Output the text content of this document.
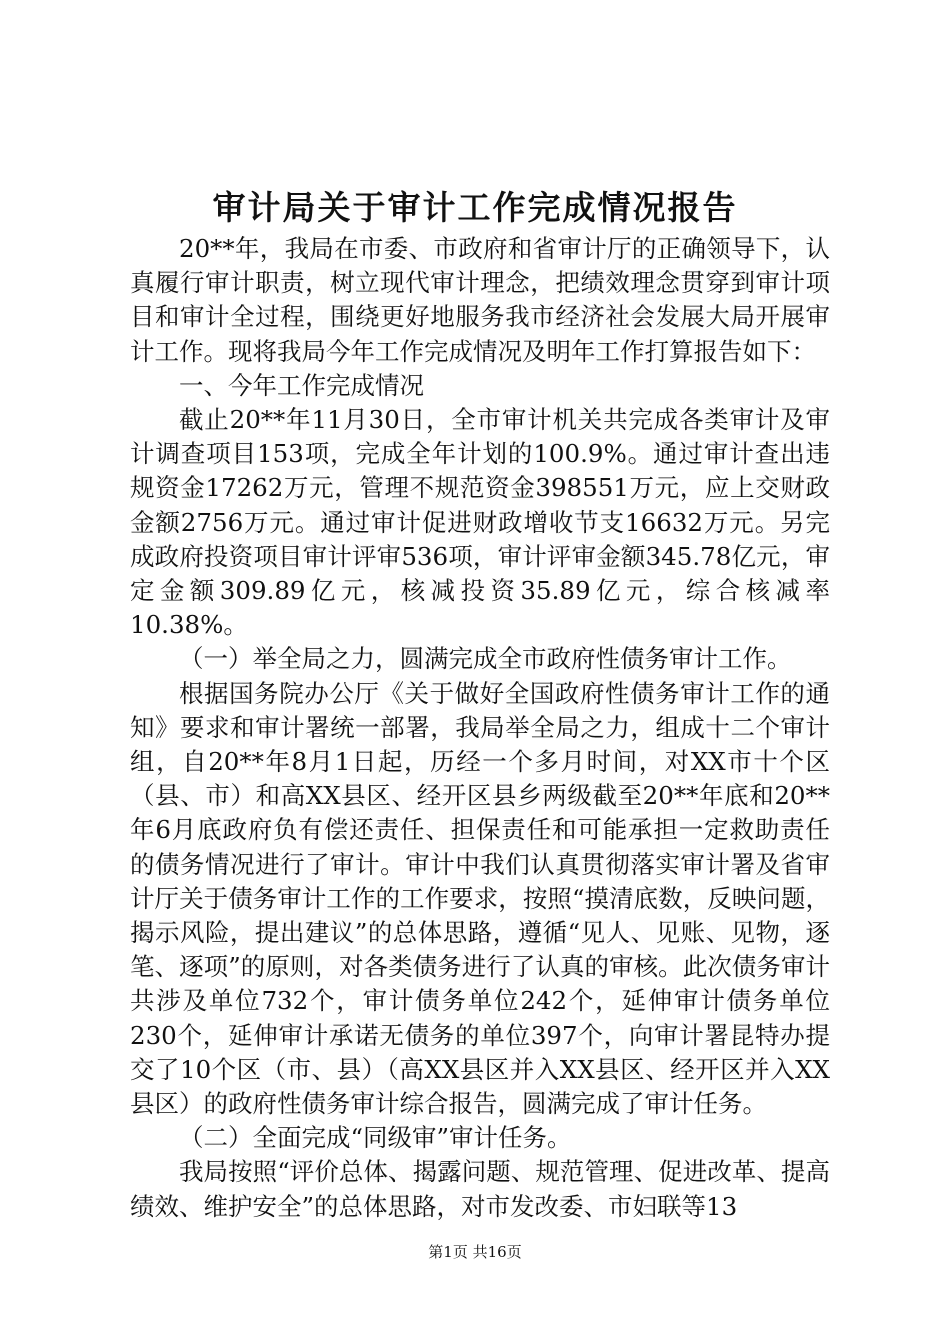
审计局关于审计工作完成情况报告

20**年，我局在市委、市政府和省审计厅的正确领导下，认真履行审计职责，树立现代审计理念，把绩效理念贯穿到审计项目和审计全过程，围绕更好地服务我市经济社会发展大局开展审计工作。现将我局今年工作完成情况及明年工作打算报告如下：

一、今年工作完成情况

截止20**年11月30日，全市审计机关共完成各类审计及审计调查项目153项，完成全年计划的100.9%。通过审计查出违规资金17262万元，管理不规范资金398551万元，应上交财政金额2756万元。通过审计促进财政增收节支16632万元。另完成政府投资项目审计评审536项，审计评审金额345.78亿元，审定金额309.89亿元，核减投资35.89亿元，综合核减率10.38%。

（一）举全局之力，圆满完成全市政府性债务审计工作。

根据国务院办公厅《关于做好全国政府性债务审计工作的通知》要求和审计署统一部署，我局举全局之力，组成十二个审计组，自20**年8月1日起，历经一个多月时间，对XX市十个区（县、市）和高XX县区、经开区县乡两级截至20**年底和20**年6月底政府负有偿还责任、担保责任和可能承担一定救助责任的债务情况进行了审计。审计中我们认真贯彻落实审计署及省审计厅关于债务审计工作的工作要求，按照“摸清底数，反映问题，揭示风险，提出建议”的总体思路，遵循“见人、见账、见物，逐笔、逐项”的原则，对各类债务进行了认真的审核。此次债务审计共涉及单位732个，审计债务单位242个，延伸审计债务单位230个，延伸审计承诺无债务的单位397个，向审计署昆特办提交了10个区（市、县）（高XX县区并入XX县区、经开区并入XX县区）的政府性债务审计综合报告，圆满完成了审计任务。

（二）全面完成“同级审”审计任务。

我局按照“评价总体、揭露问题、规范管理、促进改革、提高绩效、维护安全”的总体思路，对市发改委、市妇联等13

第1页 共16页
